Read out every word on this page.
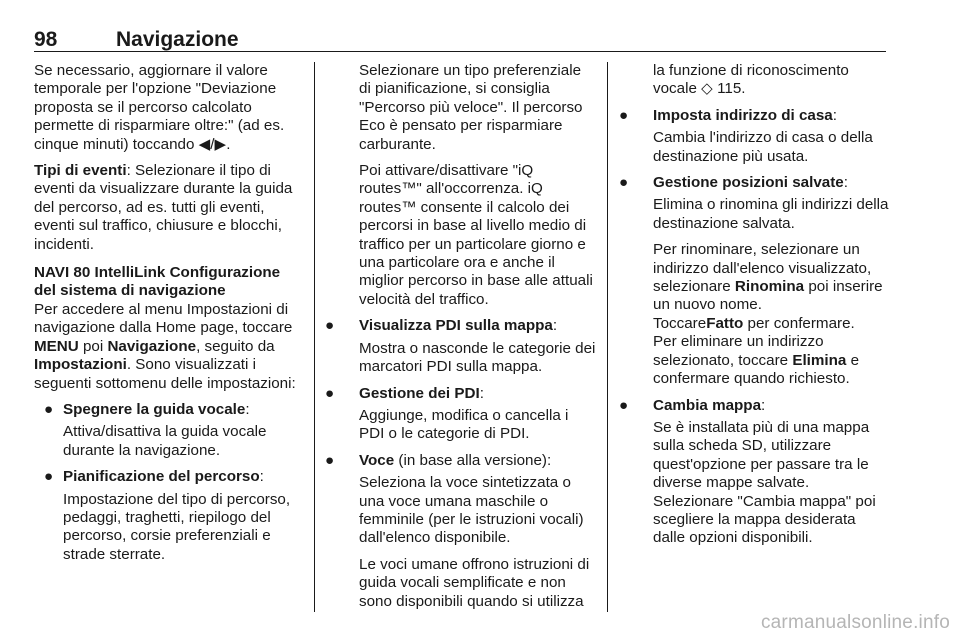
98	Navigazione

Se necessario, aggiornare il valore temporale per l'opzione "Deviazione proposta se il percorso calcolato permette di risparmiare oltre:" (ad es. cinque minuti) toccando ◀/▶.

Tipi di eventi: Selezionare il tipo di eventi da visualizzare durante la guida del percorso, ad es. tutti gli eventi, eventi sul traffico, chiusure e blocchi, incidenti.

NAVI 80 IntelliLink Configurazione del sistema di navigazione

Per accedere al menu Impostazioni di navigazione dalla Home page, toccare MENU poi Navigazione, seguito da Impostazioni. Sono visualizzati i seguenti sottomenu delle impostazioni:

● Spegnere la guida vocale:

Attiva/disattiva la guida vocale durante la navigazione.

● Pianificazione del percorso:

Impostazione del tipo di percorso, pedaggi, traghetti, riepilogo del percorso, corsie preferenziali e strade sterrate.

Selezionare un tipo preferenziale di pianificazione, si consiglia "Percorso più veloce". Il percorso Eco è pensato per risparmiare carburante.

Poi attivare/disattivare "iQ routes™" all'occorrenza. iQ routes™ consente il calcolo dei percorsi in base al livello medio di traffico per un particolare giorno e una particolare ora e anche il miglior percorso in base alle attuali velocità del traffico.

● Visualizza PDI sulla mappa:

Mostra o nasconde le categorie dei marcatori PDI sulla mappa.

● Gestione dei PDI:

Aggiunge, modifica o cancella i PDI o le categorie di PDI.

● Voce (in base alla versione):

Seleziona la voce sintetizzata o una voce umana maschile o femminile (per le istruzioni vocali) dall'elenco disponibile.

Le voci umane offrono istruzioni di guida vocali semplificate e non sono disponibili quando si utilizza

la funzione di riconoscimento vocale ◇ 115.

● Imposta indirizzo di casa:

Cambia l'indirizzo di casa o della destinazione più usata.

● Gestione posizioni salvate:

Elimina o rinomina gli indirizzi della destinazione salvata.

Per rinominare, selezionare un indirizzo dall'elenco visualizzato, selezionare Rinomina poi inserire un nuovo nome.
ToccareFatto per confermare.
Per eliminare un indirizzo selezionato, toccare Elimina e confermare quando richiesto.

● Cambia mappa:

Se è installata più di una mappa sulla scheda SD, utilizzare quest'opzione per passare tra le diverse mappe salvate. Selezionare "Cambia mappa" poi scegliere la mappa desiderata dalle opzioni disponibili.

carmanualsonline.info
